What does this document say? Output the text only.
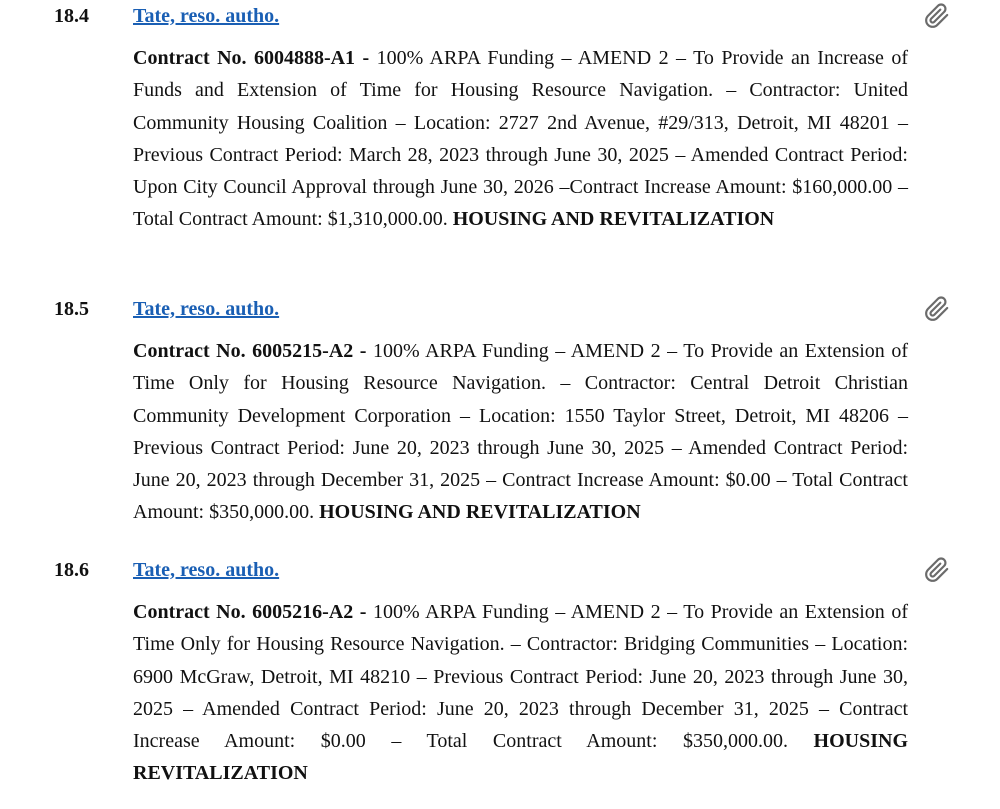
18.4 Tate, reso. autho.

Contract No. 6004888-A1 - 100% ARPA Funding – AMEND 2 – To Provide an Increase of Funds and Extension of Time for Housing Resource Navigation. – Contractor: United Community Housing Coalition – Location: 2727 2nd Avenue, #29/313, Detroit, MI 48201 – Previous Contract Period: March 28, 2023 through June 30, 2025 – Amended Contract Period: Upon City Council Approval through June 30, 2026 –Contract Increase Amount: $160,000.00 – Total Contract Amount: $1,310,000.00. HOUSING AND REVITALIZATION

18.5 Tate, reso. autho.

Contract No. 6005215-A2 - 100% ARPA Funding – AMEND 2 – To Provide an Extension of Time Only for Housing Resource Navigation. – Contractor: Central Detroit Christian Community Development Corporation – Location: 1550 Taylor Street, Detroit, MI 48206 – Previous Contract Period: June 20, 2023 through June 30, 2025 – Amended Contract Period: June 20, 2023 through December 31, 2025 – Contract Increase Amount: $0.00 – Total Contract Amount: $350,000.00. HOUSING AND REVITALIZATION

18.6 Tate, reso. autho.

Contract No. 6005216-A2 - 100% ARPA Funding – AMEND 2 – To Provide an Extension of Time Only for Housing Resource Navigation. – Contractor: Bridging Communities – Location: 6900 McGraw, Detroit, MI 48210 – Previous Contract Period: June 20, 2023 through June 30, 2025 – Amended Contract Period: June 20, 2023 through December 31, 2025 – Contract Increase Amount: $0.00 – Total Contract Amount: $350,000.00. HOUSING REVITALIZATION
